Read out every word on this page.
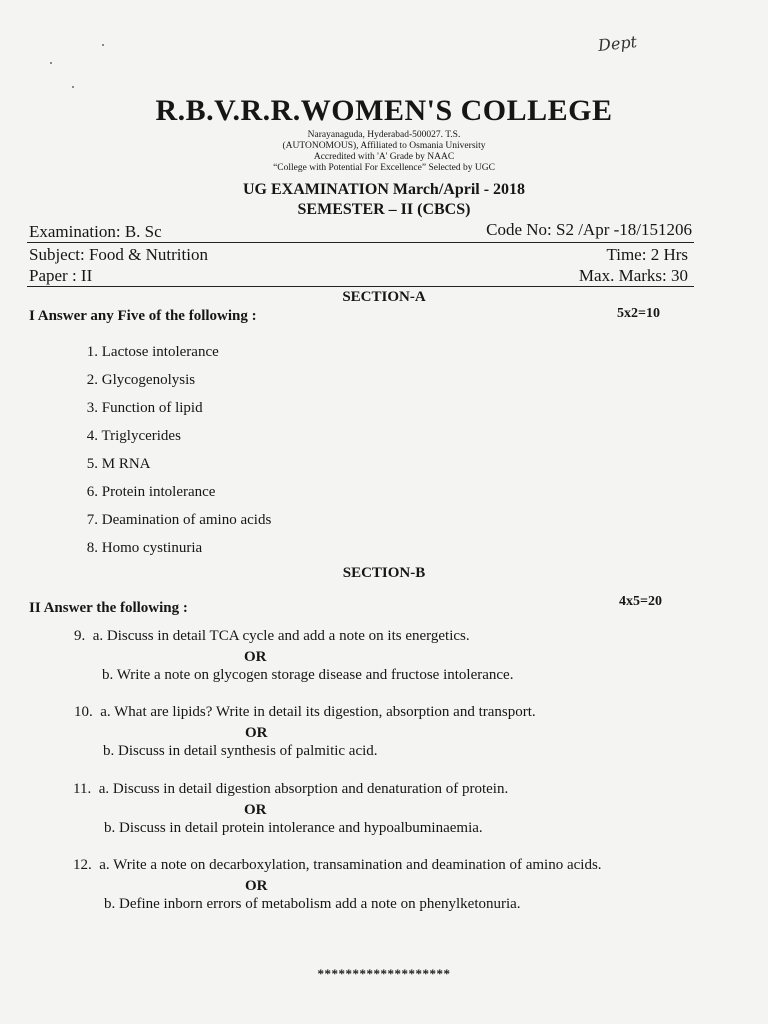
Dept
R.B.V.R.R.WOMEN'S COLLEGE
Narayanaguda, Hyderabad-500027. T.S.
(AUTONOMOUS), Affiliated to Osmania University
Accredited with 'A' Grade by NAAC
“College with Potential For Excellence” Selected by UGC
UG EXAMINATION March/April - 2018
SEMESTER – II (CBCS)
Examination: B. Sc	Code No: S2 /Apr -18/151206
Subject: Food & Nutrition	Time: 2 Hrs
Paper : II	Max. Marks: 30
SECTION-A
I Answer any Five of the following :	5x2=10
1. Lactose intolerance
2. Glycogenolysis
3. Function of lipid
4. Triglycerides
5. M RNA
6. Protein intolerance
7. Deamination of amino acids
8. Homo cystinuria
SECTION-B
II Answer the following :	4x5=20
9. a. Discuss in detail TCA cycle and add a note on its energetics.
OR
b. Write a note on glycogen storage disease and fructose intolerance.
10. a. What are lipids? Write in detail its digestion, absorption and transport.
OR
b. Discuss in detail synthesis of palmitic acid.
11. a. Discuss in detail digestion absorption and denaturation of protein.
OR
b. Discuss in detail protein intolerance and hypoalbuminaemia.
12. a. Write a note on decarboxylation, transamination and deamination of amino acids.
OR
b. Define inborn errors of metabolism add a note on phenylketonuria.
*******************
